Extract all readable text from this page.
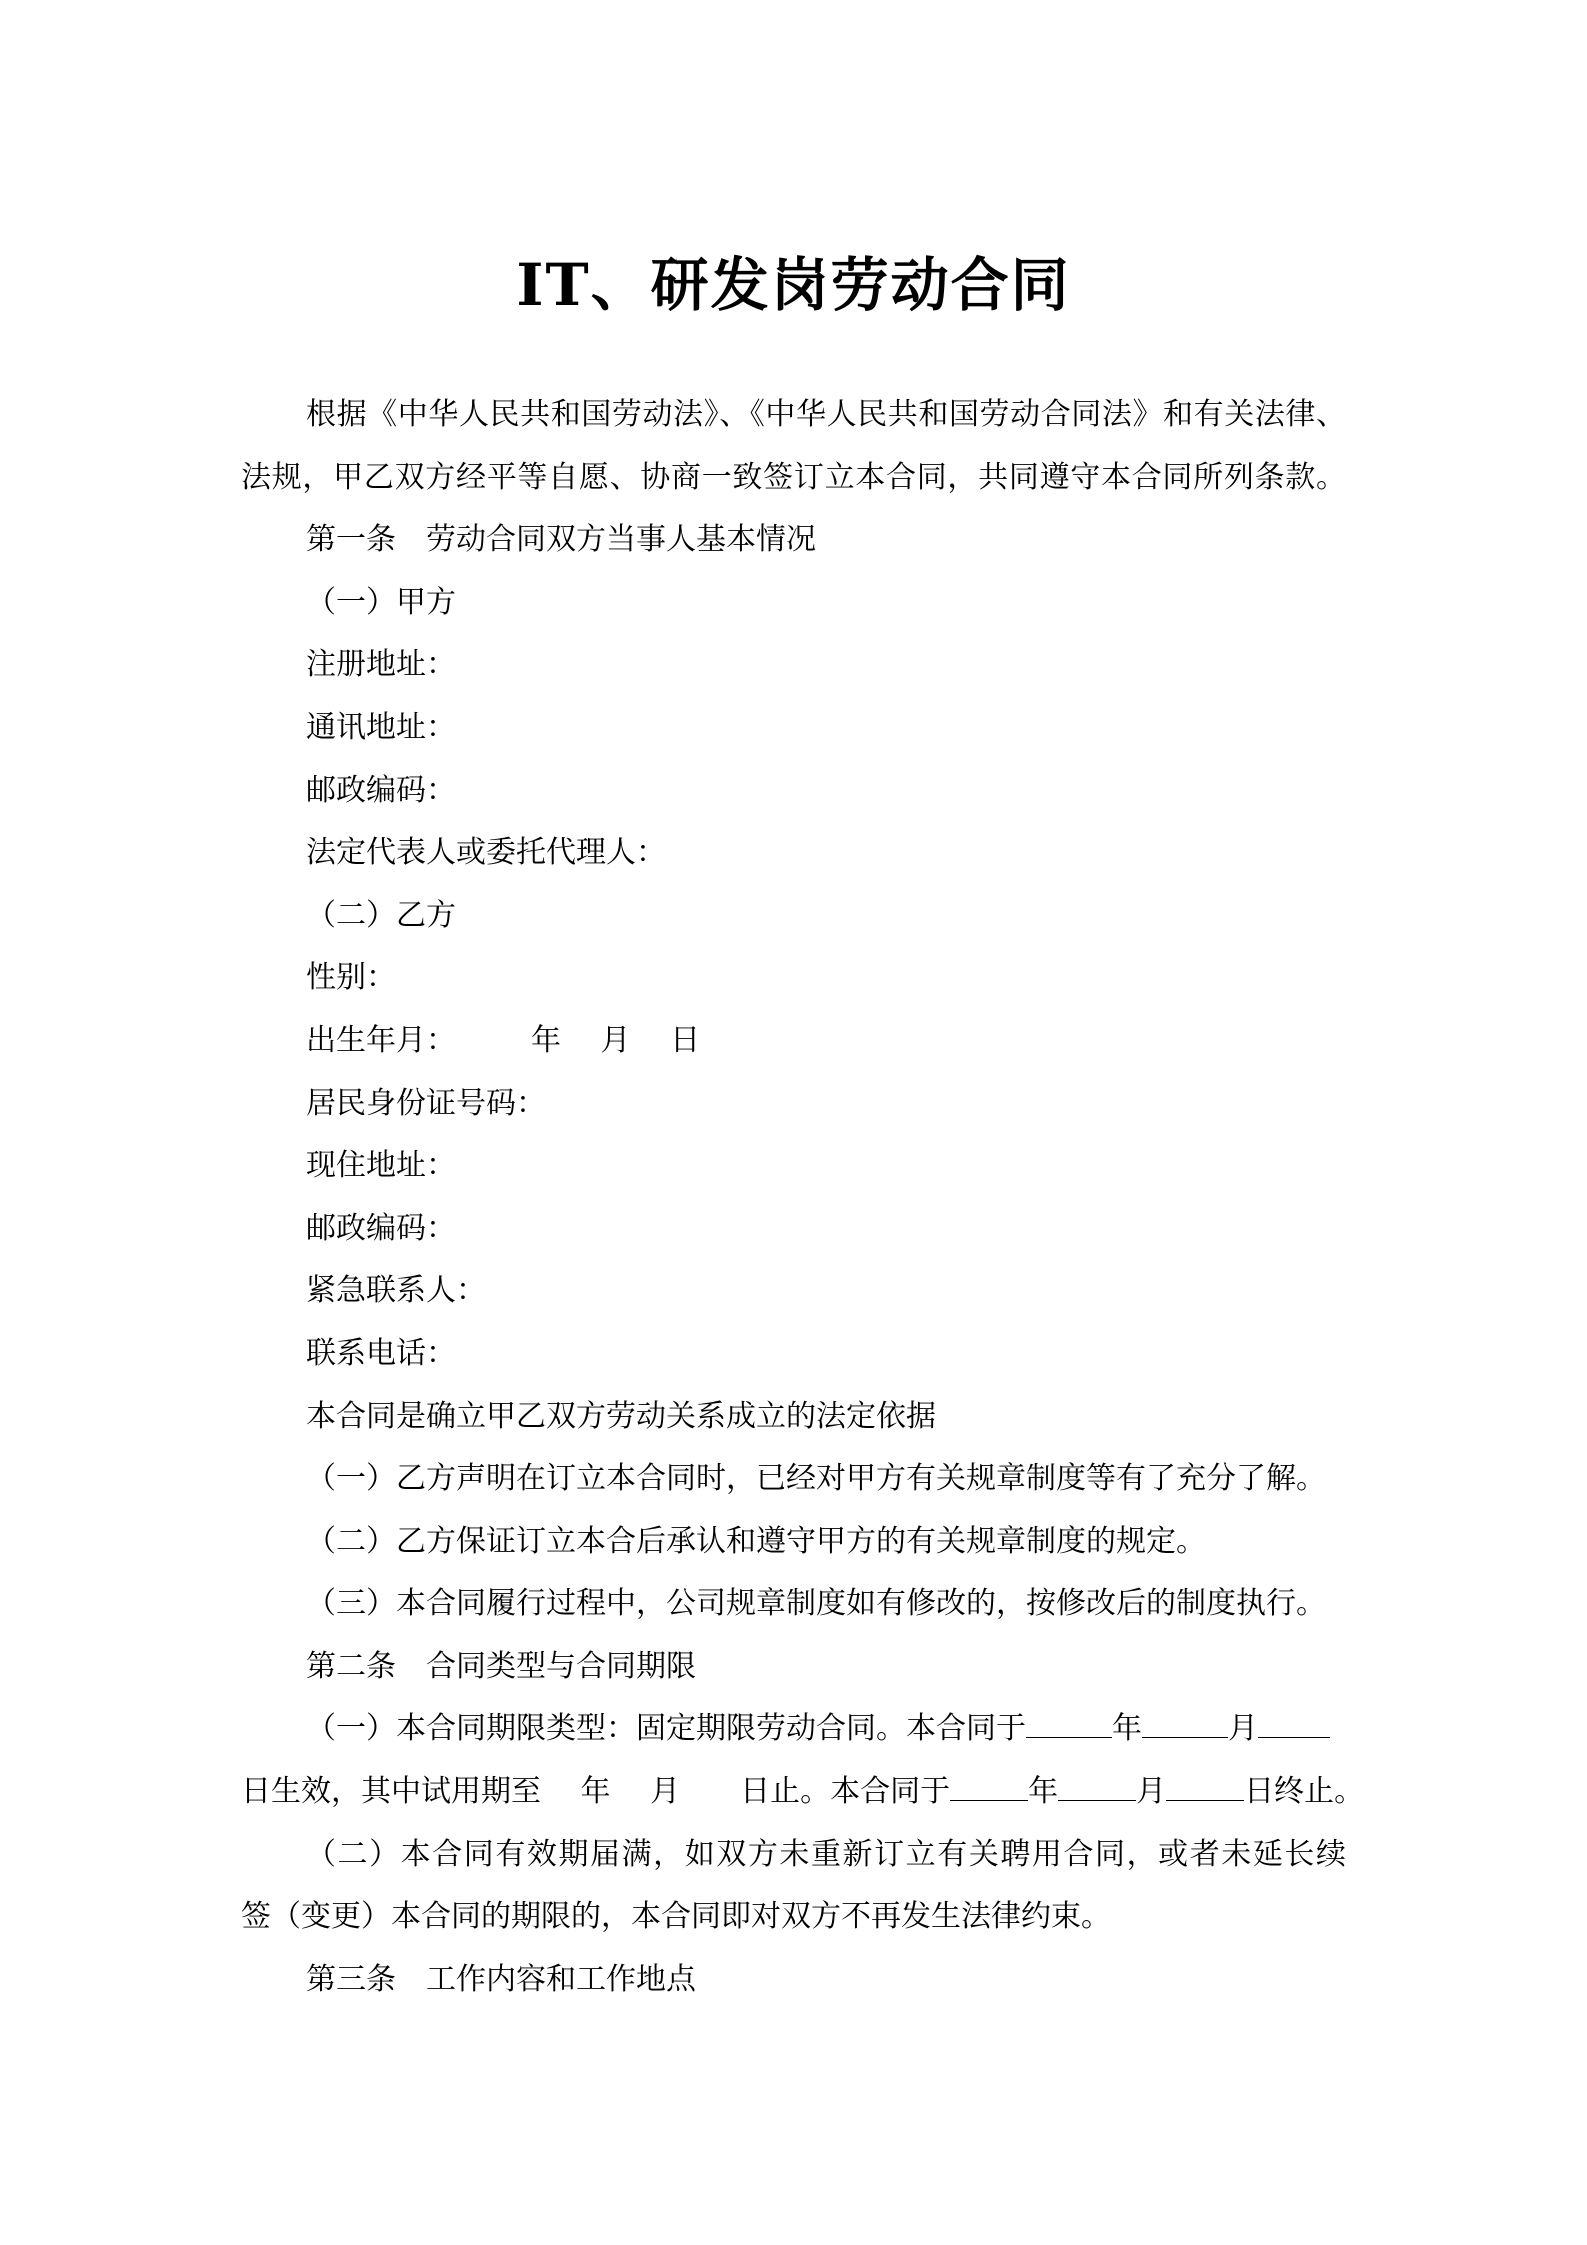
IT、研发岗劳动合同

根据《中华人民共和国劳动法》、《中华人民共和国劳动合同法》和有关法律、

法规，甲乙双方经平等自愿、协商一致签订立本合同，共同遵守本合同所列条款。

第一条　劳动合同双方当事人基本情况

（一）甲方

注册地址：

通讯地址：

邮政编码：

法定代表人或委托代理人：

（二）乙方

性别：

出生年月：　　　年　 月　 日

居民身份证号码：

现住地址：

邮政编码：

紧急联系人：

联系电话：

本合同是确立甲乙双方劳动关系成立的法定依据

（一）乙方声明在订立本合同时，已经对甲方有关规章制度等有了充分了解。

（二）乙方保证订立本合后承认和遵守甲方的有关规章制度的规定。

（三）本合同履行过程中，公司规章制度如有修改的，按修改后的制度执行。

第二条　合同类型与合同期限

（一）本合同期限类型：固定期限劳动合同。本合同于	年	月

日生效，其中试用期至　 年　 月　　日止。本合同于	年	月	日终止。

（二）本合同有效期届满，如双方未重新订立有关聘用合同，或者未延长续

签（变更）本合同的期限的，本合同即对双方不再发生法律约束。

第三条　工作内容和工作地点
